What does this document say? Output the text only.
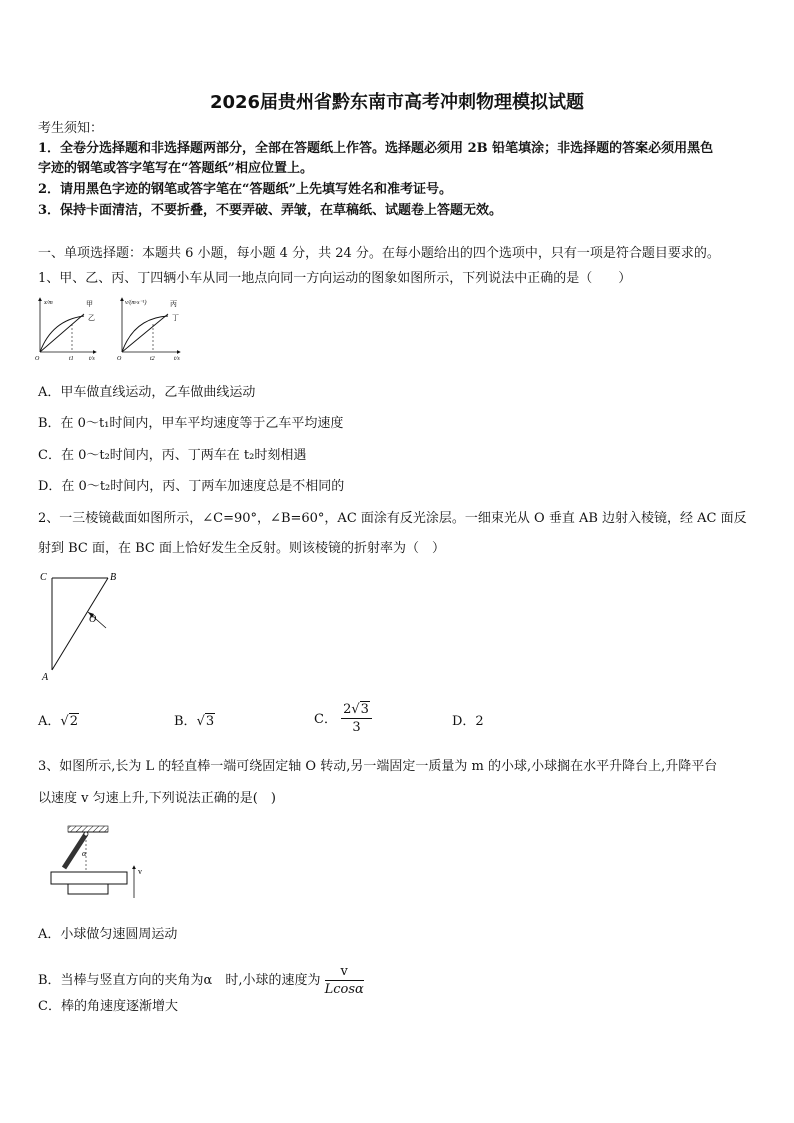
2026届贵州省黔东南市高考冲刺物理模拟试题
考生须知：
1．全卷分选择题和非选择题两部分，全部在答题纸上作答。选择题必须用 2B 铅笔填涂；非选择题的答案必须用黑色
字迹的钢笔或答字笔写在“答题纸”相应位置上。
2．请用黑色字迹的钢笔或答字笔在“答题纸”上先填写姓名和准考证号。
3．保持卡面清洁，不要折叠，不要弄破、弄皱，在草稿纸、试题卷上答题无效。
一、单项选择题：本题共 6 小题，每小题 4 分，共 24 分。在每小题给出的四个选项中，只有一项是符合题目要求的。
1、甲、乙、丙、丁四辆小车从同一地点向同一方向运动的图象如图所示，下列说法中正确的是（　　）
x/m
t/s
O	t1
甲
乙
v/(m·s⁻¹)
t/s
O	t2
丙
丁
A．甲车做直线运动，乙车做曲线运动
B．在 0～t₁时间内，甲车平均速度等于乙车平均速度
C．在 0～t₂时间内，丙、丁两车在 t₂时刻相遇
D．在 0～t₂时间内，丙、丁两车加速度总是不相同的
2、一三棱镜截面如图所示，∠C=90°，∠B=60°，AC 面涂有反光涂层。一细束光从 O 垂直 AB 边射入棱镜，经 AC 面反
射到 BC 面，在 BC 面上恰好发生全反射。则该棱镜的折射率为（　）
C	B
A
O
A．√2	B．√3	C． $\frac{2√3}{3}$	D．2
3、如图所示,长为 L 的轻直棒一端可绕固定轴 O 转动,另一端固定一质量为 m 的小球,小球搁在水平升降台上,升降平台
以速度 v 匀速上升,下列说法正确的是(　)
α
v
A．小球做匀速圆周运动
B．当棒与竖直方向的夹角为α　时,小球的速度为 $\frac{v}{Lcos\alpha}$
C．棒的角速度逐渐增大
